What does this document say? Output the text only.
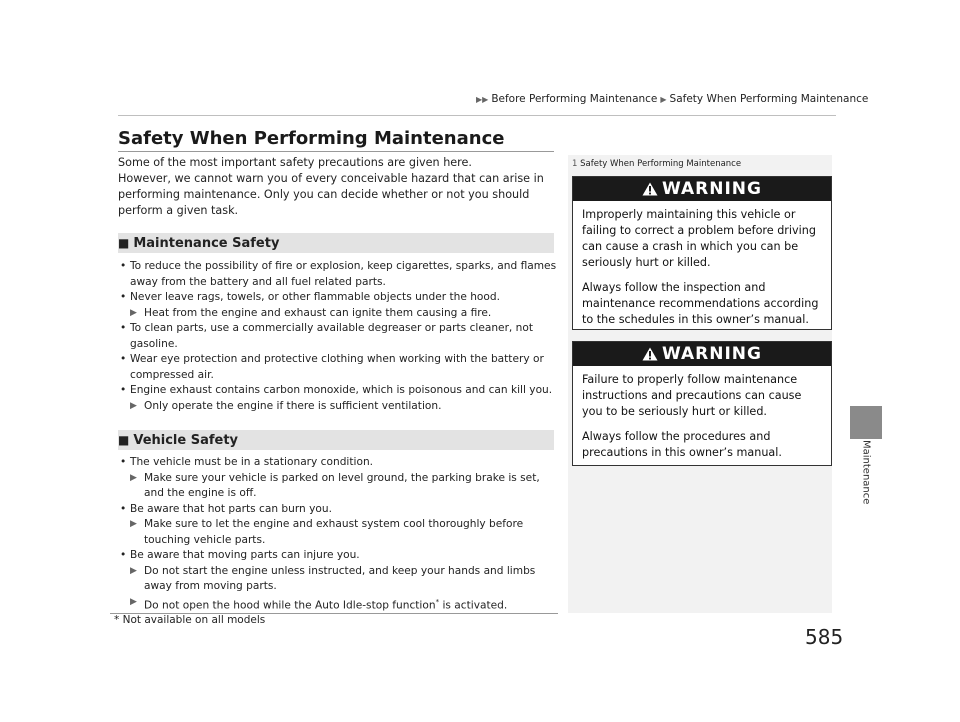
▶▶ Before Performing Maintenance ▶ Safety When Performing Maintenance
Maintenance
585
Safety When Performing Maintenance

Some of the most important safety precautions are given here.

However, we cannot warn you of every conceivable hazard that can arise in performing maintenance. Only you can decide whether or not you should perform a given task.

■ Maintenance Safety
• To reduce the possibility of fire or explosion, keep cigarettes, sparks, and flames away from the battery and all fuel related parts.
• Never leave rags, towels, or other flammable objects under the hood.
▶ Heat from the engine and exhaust can ignite them causing a fire.
• To clean parts, use a commercially available degreaser or parts cleaner, not gasoline.
• Wear eye protection and protective clothing when working with the battery or compressed air.
• Engine exhaust contains carbon monoxide, which is poisonous and can kill you.
▶ Only operate the engine if there is sufficient ventilation.
■ Vehicle Safety
• The vehicle must be in a stationary condition.
▶ Make sure your vehicle is parked on level ground, the parking brake is set, and the engine is off.
• Be aware that hot parts can burn you.
▶ Make sure to let the engine and exhaust system cool thoroughly before touching vehicle parts.
• Be aware that moving parts can injure you.
▶ Do not start the engine unless instructed, and keep your hands and limbs away from moving parts.
▶ Do not open the hood while the Auto Idle-stop function* is activated.
* Not available on all models
1 Safety When Performing Maintenance
WARNING

Improperly maintaining this vehicle or failing to correct a problem before driving can cause a crash in which you can be seriously hurt or killed.

Always follow the inspection and maintenance recommendations according to the schedules in this owner’s manual.

WARNING

Failure to properly follow maintenance instructions and precautions can cause you to be seriously hurt or killed.

Always follow the procedures and precautions in this owner’s manual.
